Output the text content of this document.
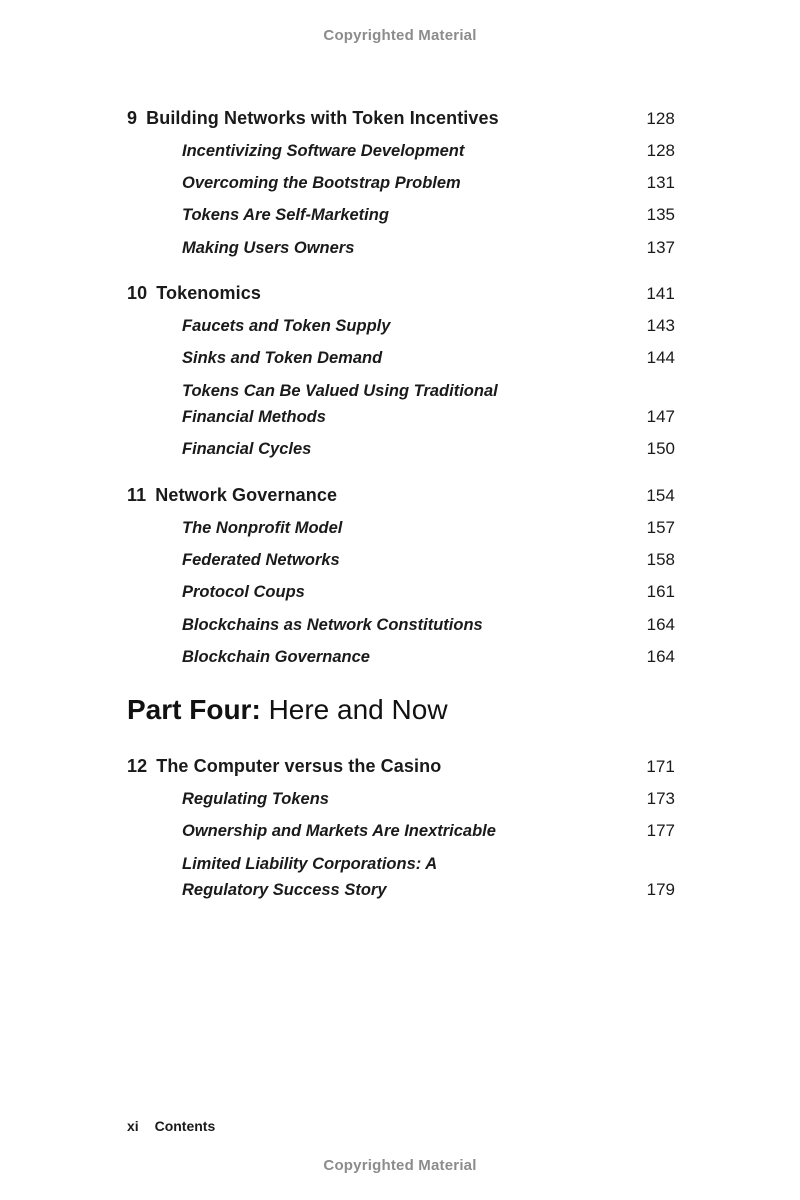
Copyrighted Material
9 Building Networks with Token Incentives	128
Incentivizing Software Development	128
Overcoming the Bootstrap Problem	131
Tokens Are Self-Marketing	135
Making Users Owners	137
10 Tokenomics	141
Faucets and Token Supply	143
Sinks and Token Demand	144
Tokens Can Be Valued Using Traditional Financial Methods	147
Financial Cycles	150
11 Network Governance	154
The Nonprofit Model	157
Federated Networks	158
Protocol Coups	161
Blockchains as Network Constitutions	164
Blockchain Governance	164
Part Four: Here and Now
12 The Computer versus the Casino	171
Regulating Tokens	173
Ownership and Markets Are Inextricable	177
Limited Liability Corporations: A Regulatory Success Story	179
xi Contents
Copyrighted Material
